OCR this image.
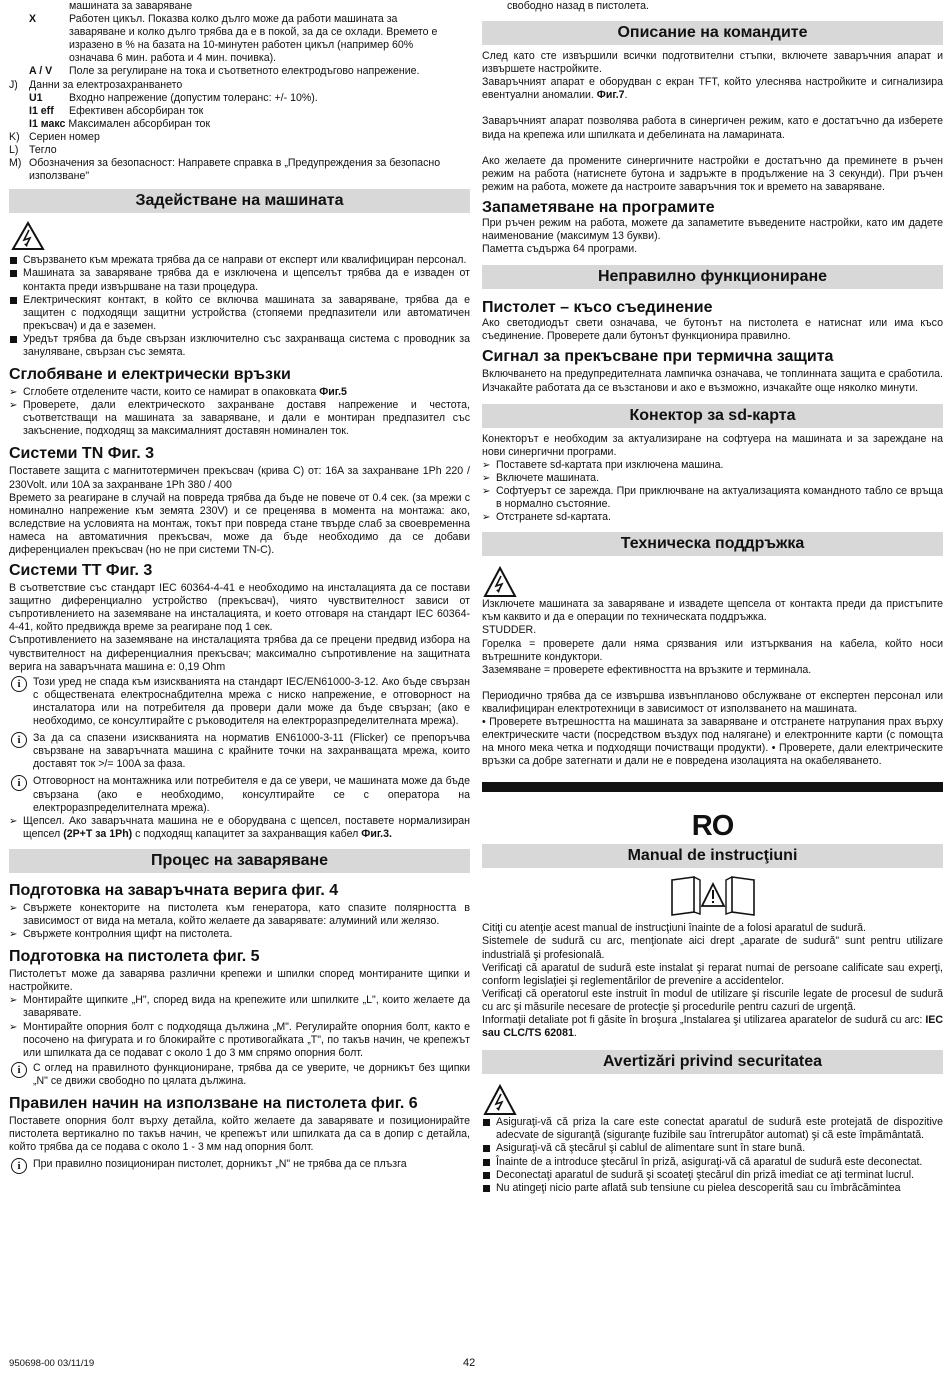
машината за заваряване
X	Работен цикъл. Показва колко дълго може да работи машината за заваряване и колко дълго трябва да е в покой, за да се охлади. Времето е изразено в % на базата на 10-минутен работен цикъл (например 60% означава 6 мин. работа и 4 мин. почивка).
A / V	Поле за регулиране на тока и съответното електродъгово напрежение.
J)	Данни за електрозахранването
U1	Входно напрежение (допустим толеранс: +/- 10%).
I1 eff	Ефективен абсорбиран ток
I1 макс Максимален абсорбиран ток
K) Сериен номер
L) Тегло
M) Обозначения за безопасност: Направете справка в „Предупреждения за безопасно използване"
Задействане на машината
Свързването към мрежата трябва да се направи от експерт или квалифициран персонал.
Машината за заваряване трябва да е изключена и щепселът трябва да е изваден от контакта преди извършване на тази процедура.
Електрическият контакт, в който се включва машината за заваряване, трябва да е защитен с подходящи защитни устройства (стопяеми предпазители или автоматичен прекъсвач) и да е заземен.
Уредът трябва да бъде свързан изключително със захранваща система с проводник за зануляване, свързан със земята.
Сглобяване и електрически връзки
➢ Сглобете отделените части, които се намират в опаковката Фиг.5
➢ Проверете, дали електрическото захранване доставя напрежение и честота, съответстващи на машината за заваряване, и дали е монтиран предпазител със закъснение, подходящ за максималният доставян номинален ток.
Системи TN Фиг. 3

Поставете защита с магнитотермичен прекъсвач (крива C) от: 16A за захранване 1Ph 220 / 230Volt. или 10A за захранване 1Ph 380 / 400

Времето за реагиране в случай на повреда трябва да бъде не повече от 0.4 сек. (за мрежи с номинално напрежение към земята 230V) и се преценява в момента на монтажа: ако, вследствие на условията на монтаж, токът при повреда стане твърде слаб за своевременна намеса на автоматичния прекъсвач, може да бъде необходимо да се добави диференциален прекъсвач (но не при системи TN-C).

Системи TT Фиг. 3

В съответствие със стандарт IEC 60364-4-41 е необходимо на инсталацията да се постави защитно диференциално устройство (прекъсвач), чиято чувствителност зависи от съпротивлението на заземяване на инсталацията, и което отговаря на стандарт IEC 60364-4-41, който предвижда време за реагиране под 1 сек.

Съпротивлението на заземяване на инсталацията трябва да се прецени предвид избора на чувствителност на диференциалния прекъсвач; максимално съпротивление на защитната верига на заваръчната машина е: 0,19 Ohm

i	Този уред не спада към изискванията на стандарт IEC/EN61000-3-12. Ако бъде свързан с обществената електроснабдителна мрежа с ниско напрежение, е отговорност на инсталатора или на потребителя да провери дали може да бъде свързан; (ако е необходимо, се консултирайте с ръководителя на електроразпределителната мрежа).
i	За да са спазени изискванията на норматив EN61000-3-11 (Flicker) се препоръчва свързване на заваръчната машина с крайните точки на захранващата мрежа, които доставят ток >/= 100A за фаза.
i	Отговорност на монтажника или потребителя е да се увери, че машината може да бъде свързана (ако е необходимо, консултирайте се с оператора на електроразпределителната мрежа).
➢ Щепсел. Ако заваръчната машина не е оборудвана с щепсел, поставете нормализиран щепсел (2P+T за 1Ph) с подходящ капацитет за захранващия кабел Фиг.3.
Процес на заваряване
Подготовка на заваръчната верига фиг. 4
➢ Свържете конекторите на пистолета към генератора, като спазите полярността в зависимост от вида на метала, който желаете да заварявате: алуминий или желязо.
➢ Свържете контролния щифт на пистолета.
Подготовка на пистолета фиг. 5

Пистолетът може да заварява различни крепежи и шпилки според монтираните щипки и настройките.

➢ Монтирайте щипките „H", според вида на крепежите или шпилките „L", които желаете да заварявате.
➢ Монтирайте опорния болт с подходяща дължина „M". Регулирайте опорния болт, както е посочено на фигурата и го блокирайте с противогайката „T", по такъв начин, че крепежът или шпилката да се подават с около 1 до 3 мм спрямо опорния болт.
i	С оглед на правилното функциониране, трябва да се уверите, че дорникът без щипки „N" се движи свободно по цялата дължина.
Правилен начин на използване на пистолета фиг. 6

Поставете опорния болт върху детайла, който желаете да заварявате и позиционирайте пистолета вертикално по такъв начин, че крепежът или шпилката да са в допир с детайла, който трябва да се подава с около 1 - 3 мм над опорния болт.

i	При правилно позициониран пистолет, дорникът „N" не трябва да се плъзга
свободно назад в пистолета.
Описание на командите

След като сте извършили всички подготвителни стъпки, включете заваръчния апарат и извършете настройките.

Заваръчният апарат е оборудван с екран TFT, който улеснява настройките и сигнализира евентуални аномалии. Фиг.7.

Заваръчният апарат позволява работа в синергичен режим, като е достатъчно да изберете вида на крепежа или шпилката и дебелината на ламарината.

Ако желаете да промените синергичните настройки е достатъчно да преминете в ръчен режим на работа (натиснете бутона и задръжте в продължение на 3 секунди). При ръчен режим на работа, можете да настроите заваръчния ток и времето на заваряване.

Запаметяване на програмите

При ръчен режим на работа, можете да запаметите въведените настройки, като им дадете наименование (максимум 13 букви).

Паметта съдържа 64 програми.

Неправилно функциониране
Пистолет – късо съединение

Ако светодиодът свети означава, че бутонът на пистолета е натиснат или има късо съединение. Проверете дали бутонът функционира правилно.

Сигнал за прекъсване при термична защита

Включването на предупредителната лампичка означава, че топлинната защита е сработила. Изчакайте работата да се възстанови и ако е възможно, изчакайте още няколко минути.

Конектор за sd-карта

Конекторът е необходим за актуализиране на софтуера на машината и за зареждане на нови синергични програми.

➢ Поставете sd-картата при изключена машина.
➢ Включете машината.
➢ Софтуерът се зарежда. При приключване на актуализацията командното табло се връща в нормално състояние.
➢ Отстранете sd-картата.
Техническа поддръжка

Изключете машината за заваряване и извадете щепсела от контакта преди да пристъпите към каквито и да е операции по техническата поддръжка.

STUDDER.

Горелка = проверете дали няма срязвания или изтърквания на кабела, който носи вътрешните кондуктори.

Заземяване = проверете ефективността на връзките и терминала.

Периодично трябва да се извършва извънпланово обслужване от експертен персонал или квалифициран електротехници в зависимост от използването на машината.

• Проверете вътрешността на машината за заваряване и отстранете натрупания прах върху електрическите части (посредством въздух под налягане) и електронните карти (с помощта на много мека четка и подходящи почистващи продукти). • Проверете, дали електрическите връзки са добре затегнати и дали не е повредена изолацията на окабеляването.

RO
Manual de instrucţiuni

Citiţi cu atenţie acest manual de instrucţiuni înainte de a folosi aparatul de sudură.

Sistemele de sudură cu arc, menţionate aici drept „aparate de sudură" sunt pentru utilizare industrială şi profesională.

Verificaţi că aparatul de sudură este instalat şi reparat numai de persoane calificate sau experţi, conform legislaţiei şi reglementărilor de prevenire a accidentelor.

Verificaţi că operatorul este instruit în modul de utilizare şi riscurile legate de procesul de sudură cu arc şi măsurile necesare de protecţie şi procedurile pentru cazuri de urgenţă.

Informaţii detaliate pot fi găsite în broşura „Instalarea şi utilizarea aparatelor de sudură cu arc: IEC sau CLC/TS 62081.

Avertizări privind securitatea
Asiguraţi-vă că priza la care este conectat aparatul de sudură este protejată de dispozitive adecvate de siguranţă (siguranţe fuzibile sau întrerupător automat) şi că este împământată.
Asiguraţi-vă că ştecărul şi cablul de alimentare sunt în stare bună.
Înainte de a introduce ştecărul în priză, asiguraţi-vă că aparatul de sudură este deconectat.
Deconectaţi aparatul de sudură şi scoateţi ştecărul din priză imediat ce aţi terminat lucrul.
Nu atingeţi nicio parte aflată sub tensiune cu pielea descoperită sau cu îmbrăcămintea
950698-00 03/11/19	42
